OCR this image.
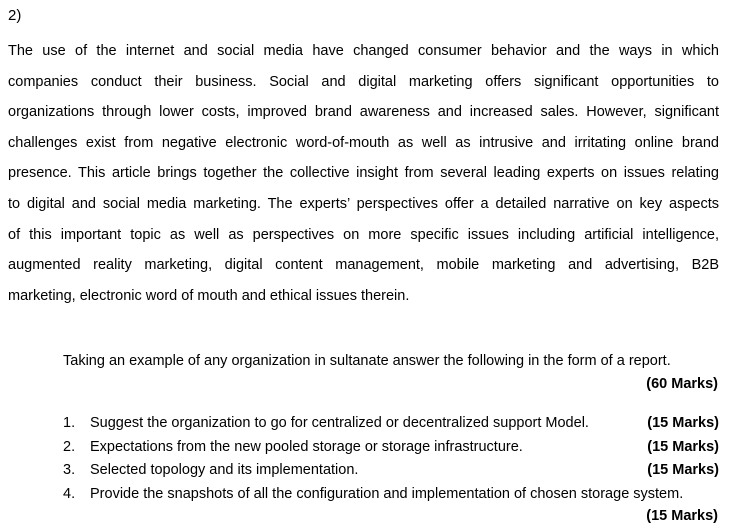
2)
The use of the internet and social media have changed consumer behavior and the ways in which
companies conduct their business. Social and digital marketing offers significant opportunities to
organizations through lower costs, improved brand awareness and increased sales. However, significant
challenges exist from negative electronic word-of-mouth as well as intrusive and irritating online brand
presence. This article brings together the collective insight from several leading experts on issues relating
to digital and social media marketing. The experts’ perspectives offer a detailed narrative on key aspects
of this important topic as well as perspectives on more specific issues including artificial intelligence,
augmented reality marketing, digital content management, mobile marketing and advertising, B2B
marketing, electronic word of mouth and ethical issues therein.
Taking an example of any organization in sultanate answer the following in the form of a report.
(60 Marks)
1. Suggest the organization to go for centralized or decentralized support Model.	(15 Marks)
2. Expectations from the new pooled storage or storage infrastructure.	(15 Marks)
3. Selected topology and its implementation.	(15 Marks)
4. Provide the snapshots of all the configuration and implementation of chosen storage system.
(15 Marks)
